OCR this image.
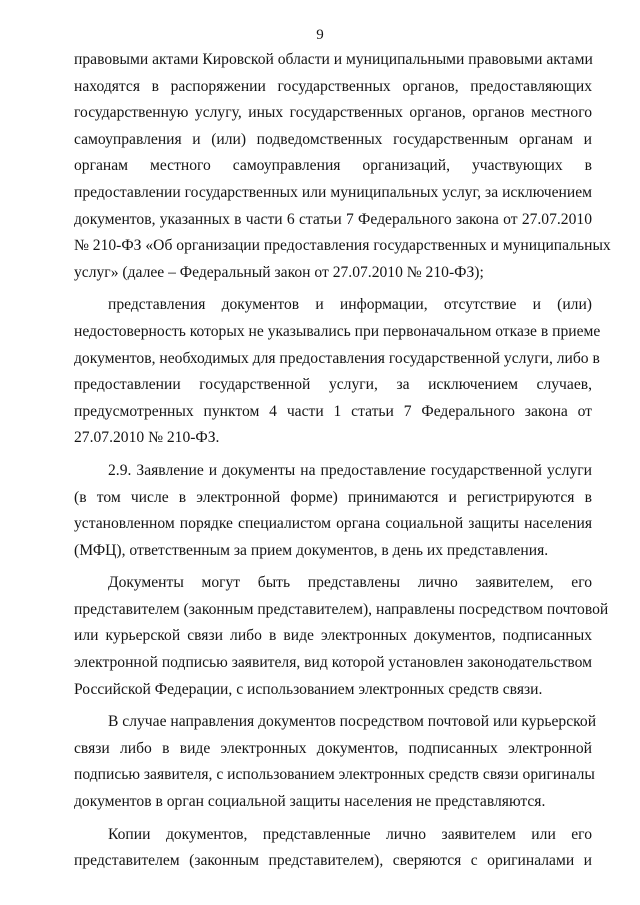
9

правовыми актами Кировской области и муниципальными правовыми актами
находятся в распоряжении государственных органов, предоставляющих
государственную услугу, иных государственных органов, органов местного
самоуправления и (или) подведомственных государственным органам и
органам местного самоуправления организаций, участвующих в
предоставлении государственных или муниципальных услуг, за исключением
документов, указанных в части 6 статьи 7 Федерального закона от 27.07.2010
№ 210-ФЗ «Об организации предоставления государственных и муниципальных
услуг» (далее – Федеральный закон от 27.07.2010 № 210-ФЗ);

представления документов и информации, отсутствие и (или)
недостоверность которых не указывались при первоначальном отказе в приеме
документов, необходимых для предоставления государственной услуги, либо в
предоставлении государственной услуги, за исключением случаев,
предусмотренных пунктом 4 части 1 статьи 7 Федерального закона от
27.07.2010 № 210-ФЗ.

2.9. Заявление и документы на предоставление государственной услуги
(в том числе в электронной форме) принимаются и регистрируются в
установленном порядке специалистом органа социальной защиты населения
(МФЦ), ответственным за прием документов, в день их представления.

Документы могут быть представлены лично заявителем, его
представителем (законным представителем), направлены посредством почтовой
или курьерской связи либо в виде электронных документов, подписанных
электронной подписью заявителя, вид которой установлен законодательством
Российской Федерации, с использованием электронных средств связи.

В случае направления документов посредством почтовой или курьерской
связи либо в виде электронных документов, подписанных электронной
подписью заявителя, с использованием электронных средств связи оригиналы
документов в орган социальной защиты населения не представляются.

Копии документов, представленные лично заявителем или его
представителем (законным представителем), сверяются с оригиналами и
